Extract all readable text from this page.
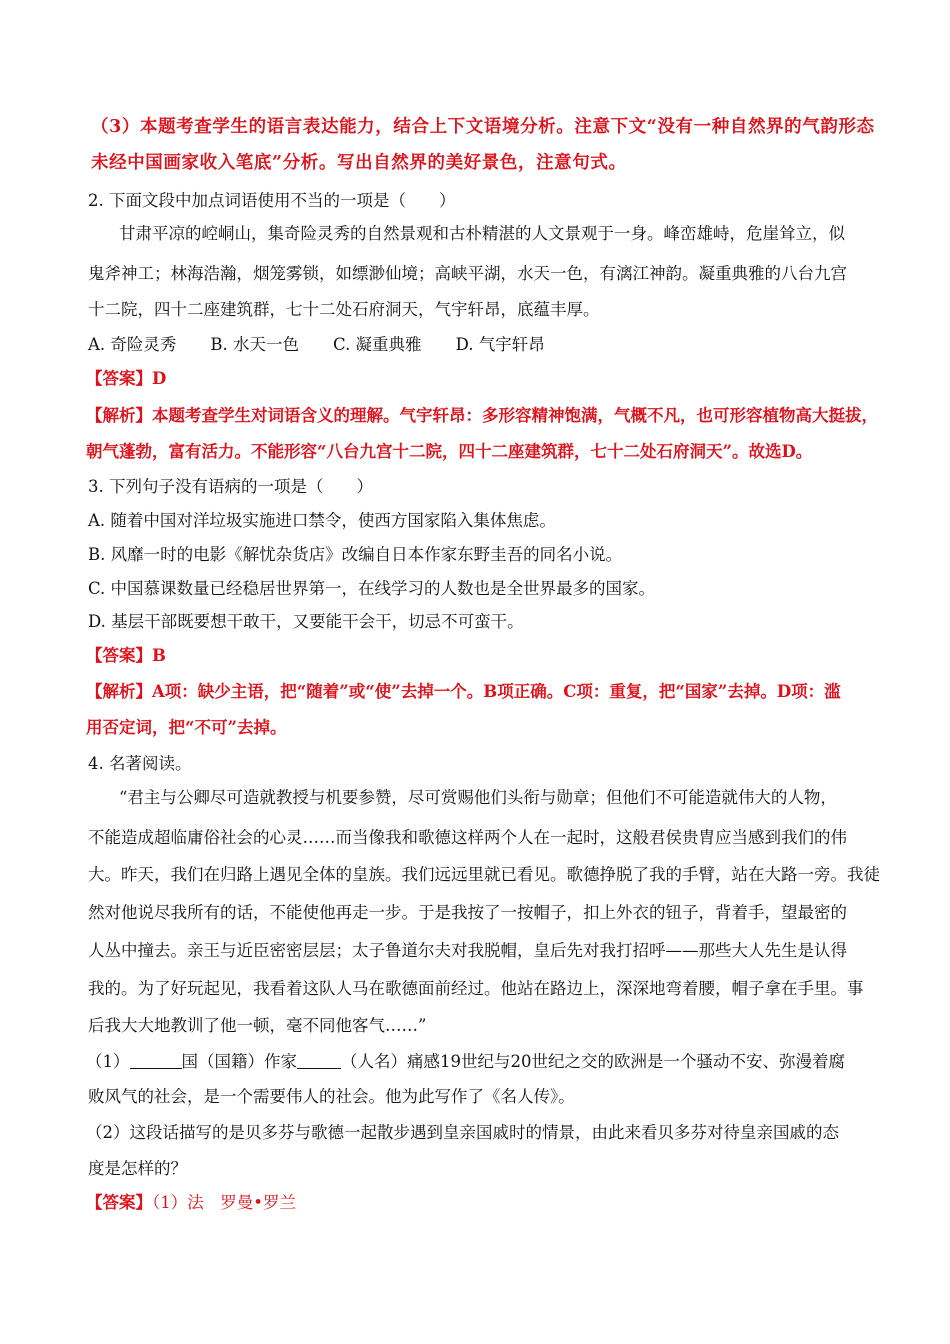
（3）本题考查学生的语言表达能力，结合上下文语境分析。注意下文“没有一种自然界的气韵形态
未经中国画家收入笔底”分析。写出自然界的美好景色，注意句式。
2. 下面文段中加点词语使用不当的一项是（　　）
甘肃平凉的崆峒山，集奇险灵秀的自然景观和古朴精湛的人文景观于一身。峰峦雄峙，危崖耸立，似
鬼斧神工；林海浩瀚，烟笼雾锁，如缥渺仙境；高峡平湖，水天一色，有漓江神韵。凝重典雅的八台九宫
十二院，四十二座建筑群，七十二处石府洞天，气宇轩昂，底蕴丰厚。
A. 奇险灵秀 B. 水天一色 C. 凝重典雅 D. 气宇轩昂
【答案】D
【解析】本题考查学生对词语含义的理解。气宇轩昂：多形容精神饱满，气概不凡，也可形容植物高大挺拔，
朝气蓬勃，富有活力。不能形容“八台九宫十二院，四十二座建筑群，七十二处石府洞天”。故选D。
3. 下列句子没有语病的一项是（　　）
A. 随着中国对洋垃圾实施进口禁令，使西方国家陷入集体焦虑。
B. 风靡一时的电影《解忧杂货店》改编自日本作家东野圭吾的同名小说。
C. 中国慕课数量已经稳居世界第一，在线学习的人数也是全世界最多的国家。
D. 基层干部既要想干敢干，又要能干会干，切忌不可蛮干。
【答案】B
【解析】A项：缺少主语，把“随着”或“使”去掉一个。B项正确。C项：重复，把“国家”去掉。D项：滥
用否定词，把“不可”去掉。
4. 名著阅读。
“君主与公卿尽可造就教授与机要参赞，尽可赏赐他们头衔与勋章；但他们不可能造就伟大的人物，
不能造成超临庸俗社会的心灵……而当像我和歌德这样两个人在一起时，这般君侯贵胄应当感到我们的伟
大。昨天，我们在归路上遇见全体的皇族。我们远远里就已看见。歌德挣脱了我的手臂，站在大路一旁。我徒
然对他说尽我所有的话，不能使他再走一步。于是我按了一按帽子，扣上外衣的钮子，背着手，望最密的
人丛中撞去。亲王与近臣密密层层；太子鲁道尔夫对我脱帽，皇后先对我打招呼——那些大人先生是认得
我的。为了好玩起见，我看着这队人马在歌德面前经过。他站在路边上，深深地弯着腰，帽子拿在手里。事
后我大大地教训了他一顿，毫不同他客气……”
（1）	国（国籍）作家	（人名）痛感19世纪与20世纪之交的欧洲是一个骚动不安、弥漫着腐
败风气的社会，是一个需要伟人的社会。他为此写作了《名人传》。
（2）这段话描写的是贝多芬与歌德一起散步遇到皇亲国戚时的情景，由此来看贝多芬对待皇亲国戚的态
度是怎样的？
【答案】（1）法　罗曼•罗兰
